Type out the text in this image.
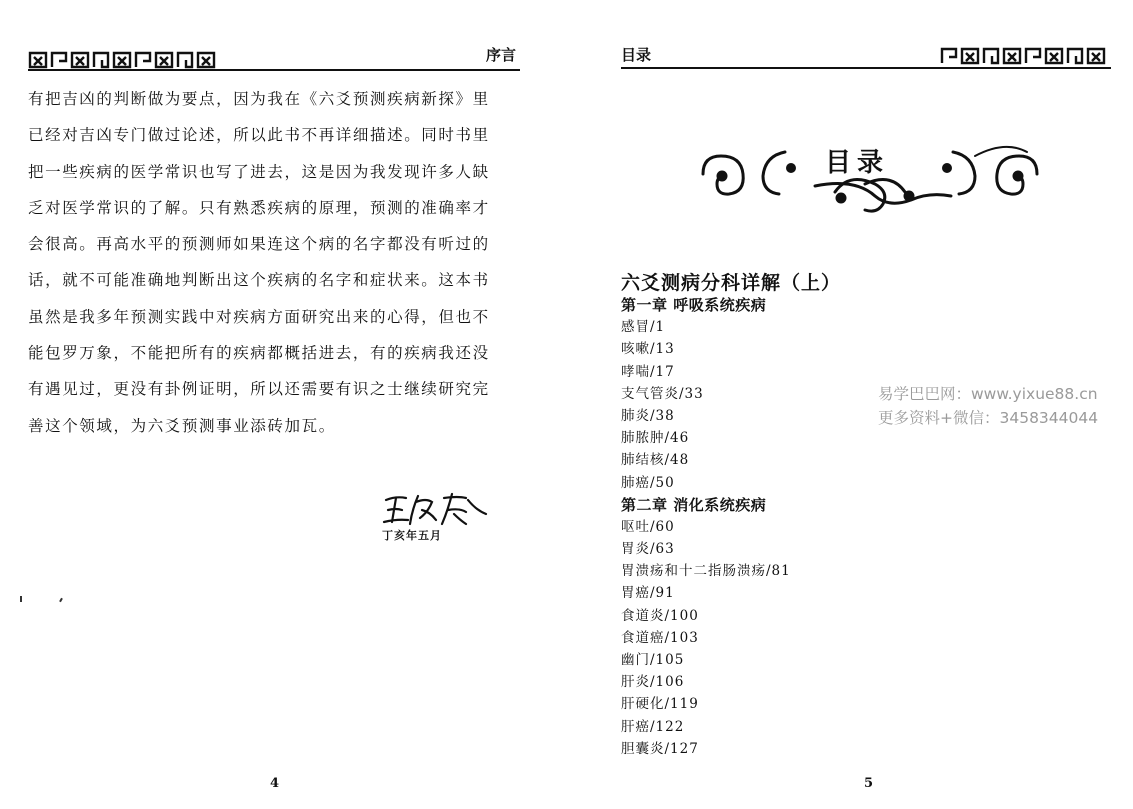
序言
有把吉凶的判断做为要点，因为我在《六爻预测疾病新探》里
已经对吉凶专门做过论述，所以此书不再详细描述。同时书里
把一些疾病的医学常识也写了进去，这是因为我发现许多人缺
乏对医学常识的了解。只有熟悉疾病的原理，预测的准确率才
会很高。再高水平的预测师如果连这个病的名字都没有听过的
话，就不可能准确地判断出这个疾病的名字和症状来。这本书
虽然是我多年预测实践中对疾病方面研究出来的心得，但也不
能包罗万象，不能把所有的疾病都概括进去，有的疾病我还没
有遇见过，更没有卦例证明，所以还需要有识之士继续研究完
善这个领域，为六爻预测事业添砖加瓦。
丁亥年五月
4
目录
目录
六爻测病分科详解（上）
第一章 呼吸系统疾病
感冒/1
咳嗽/13
哮喘/17
支气管炎/33
肺炎/38
肺脓肿/46
肺结核/48
肺癌/50
第二章 消化系统疾病
呕吐/60
胃炎/63
胃溃疡和十二指肠溃疡/81
胃癌/91
食道炎/100
食道癌/103
幽门/105
肝炎/106
肝硬化/119
肝癌/122
胆囊炎/127
易学巴巴网：www.yixue88.cn
更多资料+微信：3458344044
5
